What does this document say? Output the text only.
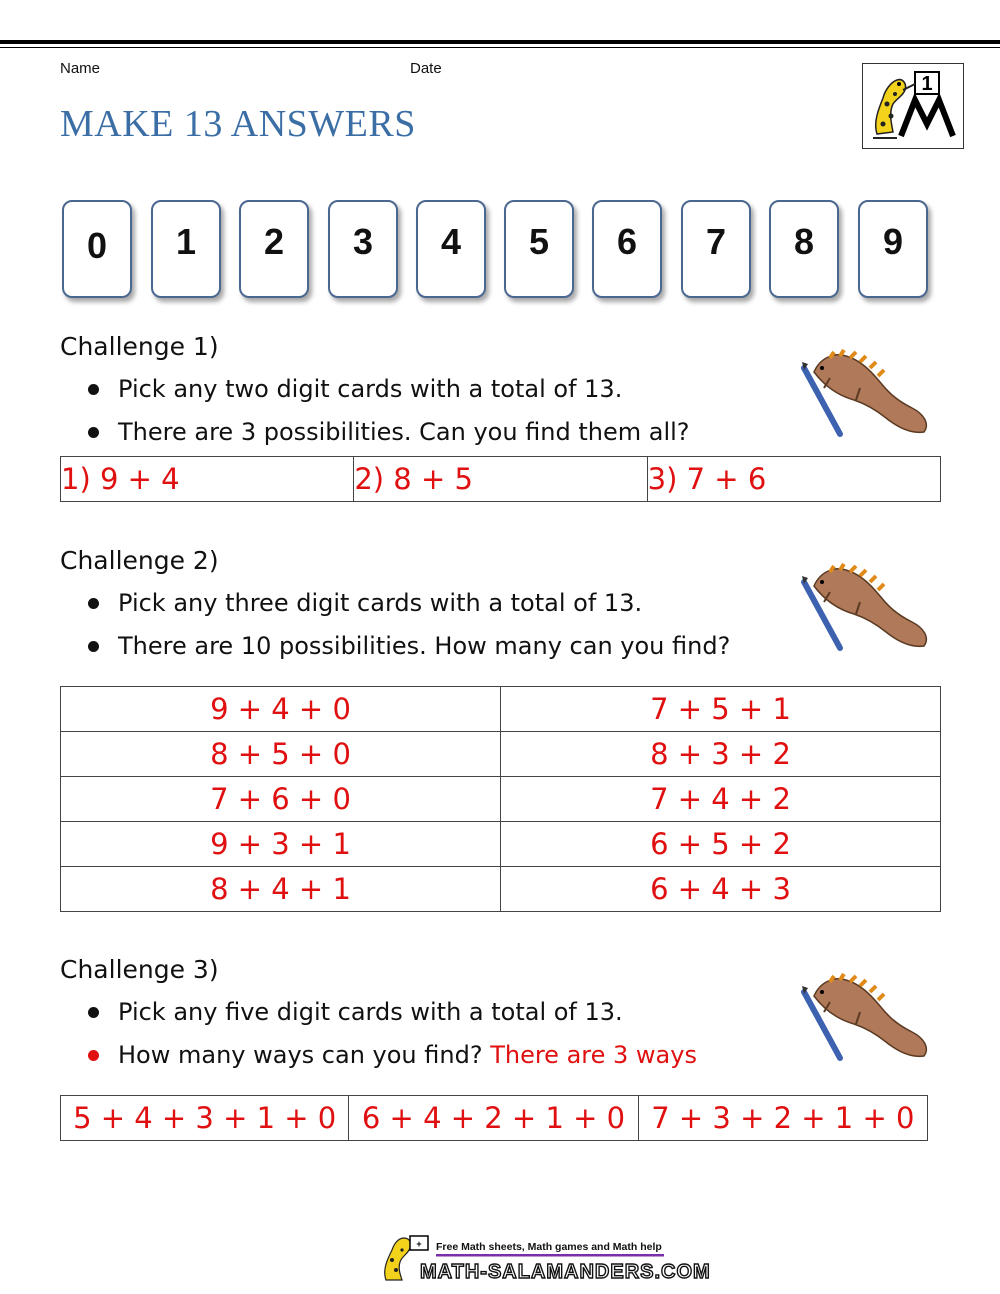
Name	Date
MAKE 13 ANSWERS
1
0	1	2	3	4	5	6	7	8	9
Challenge 1)
Pick any two digit cards with a total of 13.
There are 3 possibilities. Can you find them all?
1) 9 + 4	2) 8 + 5	3) 7 + 6
Challenge 2)
Pick any three digit cards with a total of 13.
There are 10 possibilities. How many can you find?
9 + 4 + 0	7 + 5 + 1
8 + 5 + 0	8 + 3 + 2
7 + 6 + 0	7 + 4 + 2
9 + 3 + 1	6 + 5 + 2
8 + 4 + 1	6 + 4 + 3
Challenge 3)
Pick any five digit cards with a total of 13.
How many ways can you find? There are 3 ways
5 + 4 + 3 + 1 + 0	6 + 4 + 2 + 1 + 0	7 + 3 + 2 + 1 + 0
+ Free Math sheets, Math games and Math help
MATH-SALAMANDERS.COM
